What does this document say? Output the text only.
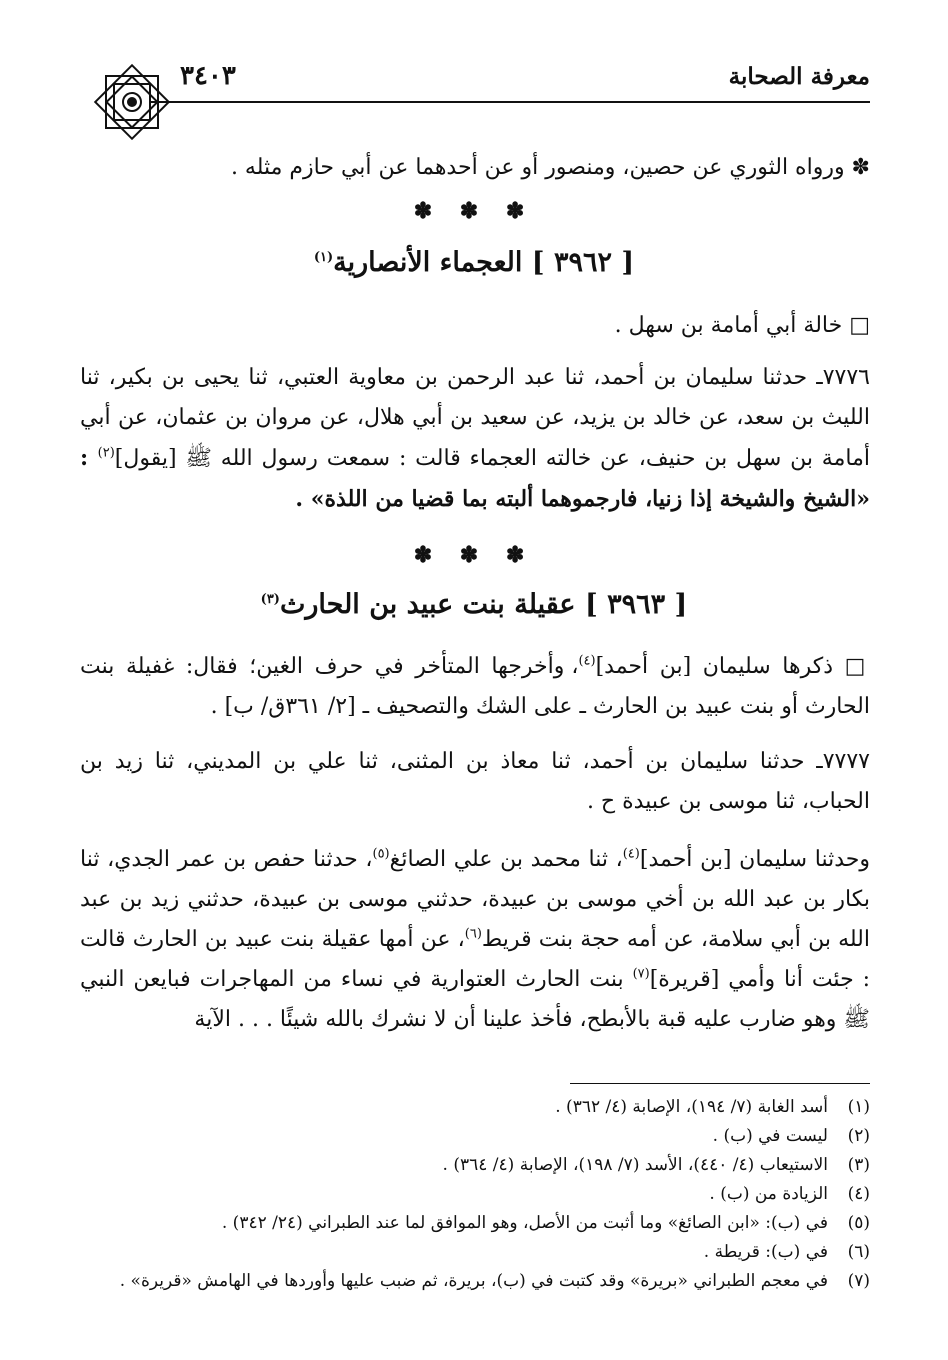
معرفة الصحابة
٣٤٠٣

✽ ورواه الثوري عن حصين، ومنصور أو عن أحدهما عن أبي حازم مثله .

✽ ✽ ✽
[ ٣٩٦٢ ] العجماء الأنصارية$^{(١)}$

□ خالة أبي أمامة بن سهل .

٧٧٧٦ـ حدثنا سليمان بن أحمد، ثنا عبد الرحمن بن معاوية العتبي، ثنا يحيى بن بكير، ثنا الليث بن سعد، عن خالد بن يزيد، عن سعيد بن أبي هلال، عن مروان بن عثمان، عن أبي أمامة بن سهل بن حنيف، عن خالته العجماء قالت : سمعت رسول الله ﷺ [يقول]$^{(٢)}$ : «الشيخ والشيخة إذا زنيا، فارجموهما ألبته بما قضيا من اللذة» .

✽ ✽ ✽
[ ٣٩٦٣ ] عقيلة بنت عبيد بن الحارث$^{(٣)}$

□ ذكرها سليمان [بن أحمد]$^{(٤)}$، وأخرجها المتأخر في حرف الغين؛ فقال: غفيلة بنت الحارث أو بنت عبيد بن الحارث ـ على الشك والتصحيف ـ [٢/ ٣٦١ق/ ب] .

٧٧٧٧ـ حدثنا سليمان بن أحمد، ثنا معاذ بن المثنى، ثنا علي بن المديني، ثنا زيد بن الحباب، ثنا موسى بن عبيدة ح .

وحدثنا سليمان [بن أحمد]$^{(٤)}$، ثنا محمد بن علي الصائغ$^{(٥)}$، حدثنا حفص بن عمر الجدي، ثنا بكار بن عبد الله بن أخي موسى بن عبيدة، حدثني موسى بن عبيدة، حدثني زيد بن عبد الله بن أبي سلامة، عن أمه حجة بنت قريط$^{(٦)}$، عن أمها عقيلة بنت عبيد بن الحارث قالت : جئت أنا وأمي [قريرة]$^{(٧)}$ بنت الحارث العتوارية في نساء من المهاجرات فبايعن النبي ﷺ وهو ضارب عليه قبة بالأبطح، فأخذ علينا أن لا نشرك بالله شيئًا . . . الآية

(١)
أسد الغابة (٧/ ١٩٤)، الإصابة (٤/ ٣٦٢) .
(٢)
ليست في (ب) .
(٣)
الاستيعاب (٤/ ٤٤٠)، الأسد (٧/ ١٩٨)، الإصابة (٤/ ٣٦٤) .
(٤)
الزيادة من (ب) .
(٥)
في (ب): «ابن الصائغ» وما أثبت من الأصل، وهو الموافق لما عند الطبراني (٢٤/ ٣٤٢) .
(٦)
في (ب): قريطة .
(٧)
في معجم الطبراني «بريرة» وقد كتبت في (ب)، بريرة، ثم ضبب عليها وأوردها في الهامش «قريرة» .
